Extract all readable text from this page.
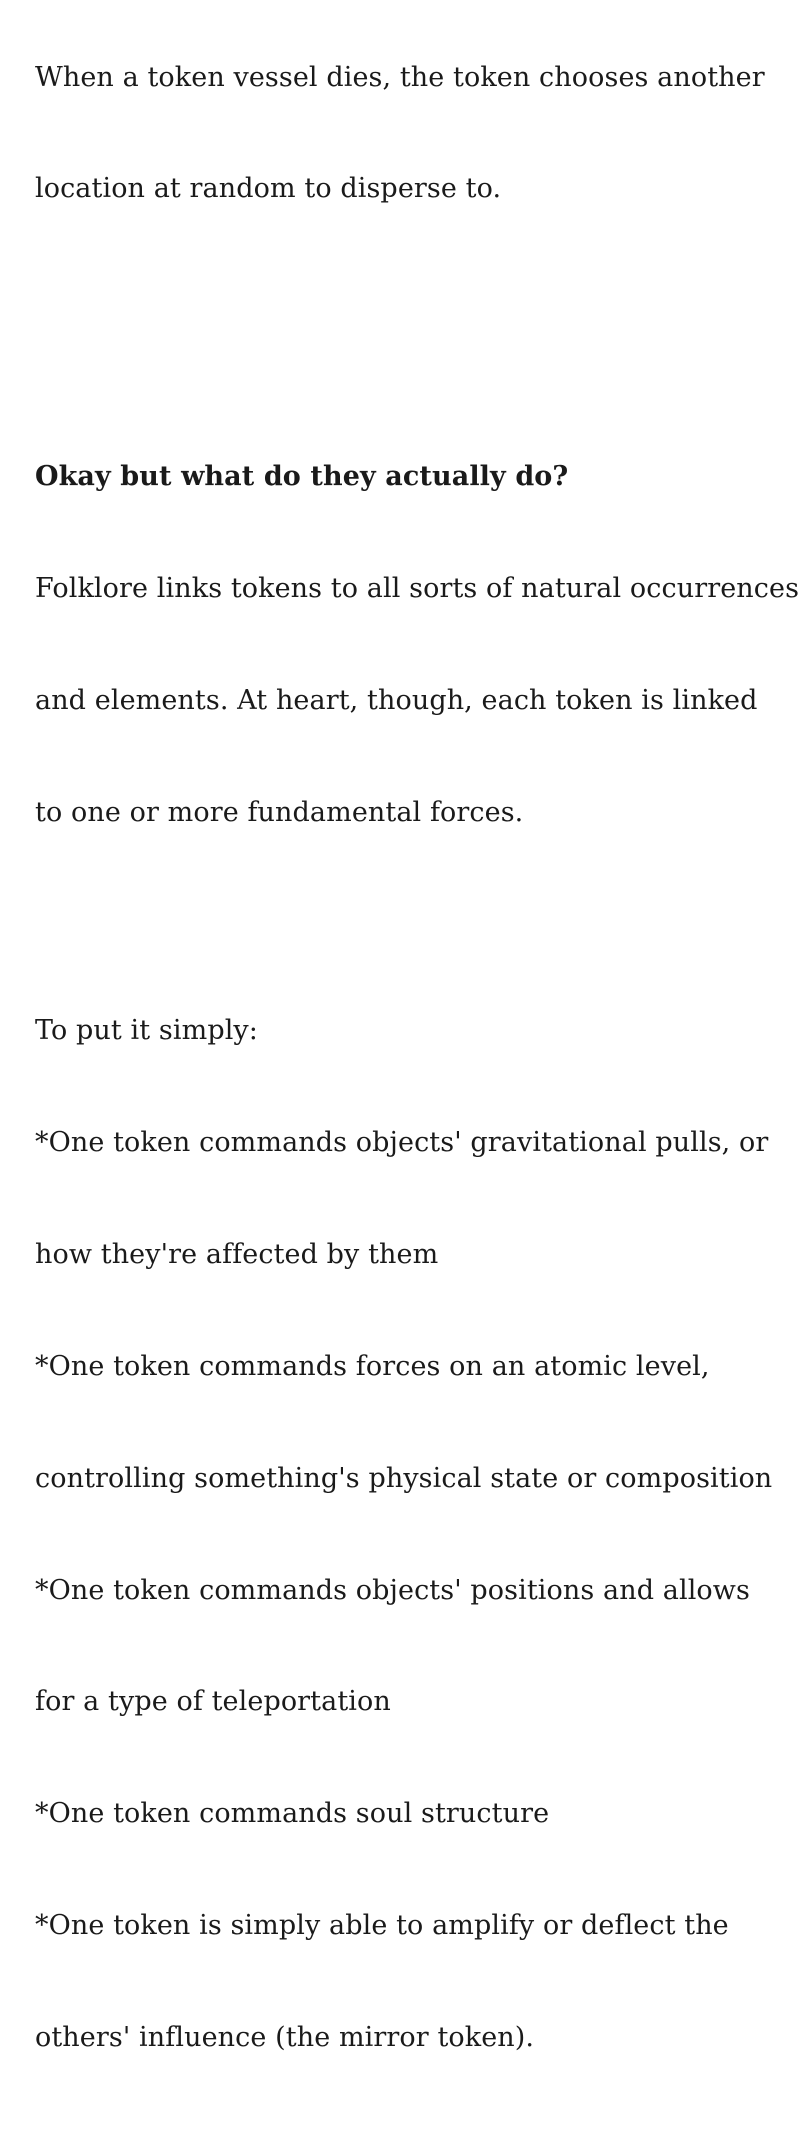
When a token vessel dies, the token chooses another

location at random to disperse to.

Okay but what do they actually do?

Folklore links tokens to all sorts of natural occurrences

and elements. At heart, though, each token is linked

to one or more fundamental forces.

To put it simply:

*One token commands objects' gravitational pulls, or

how they're affected by them

*One token commands forces on an atomic level,

controlling something's physical state or composition

*One token commands objects' positions and allows

for a type of teleportation

*One token commands soul structure

*One token is simply able to amplify or deflect the

others' influence (the mirror token).
